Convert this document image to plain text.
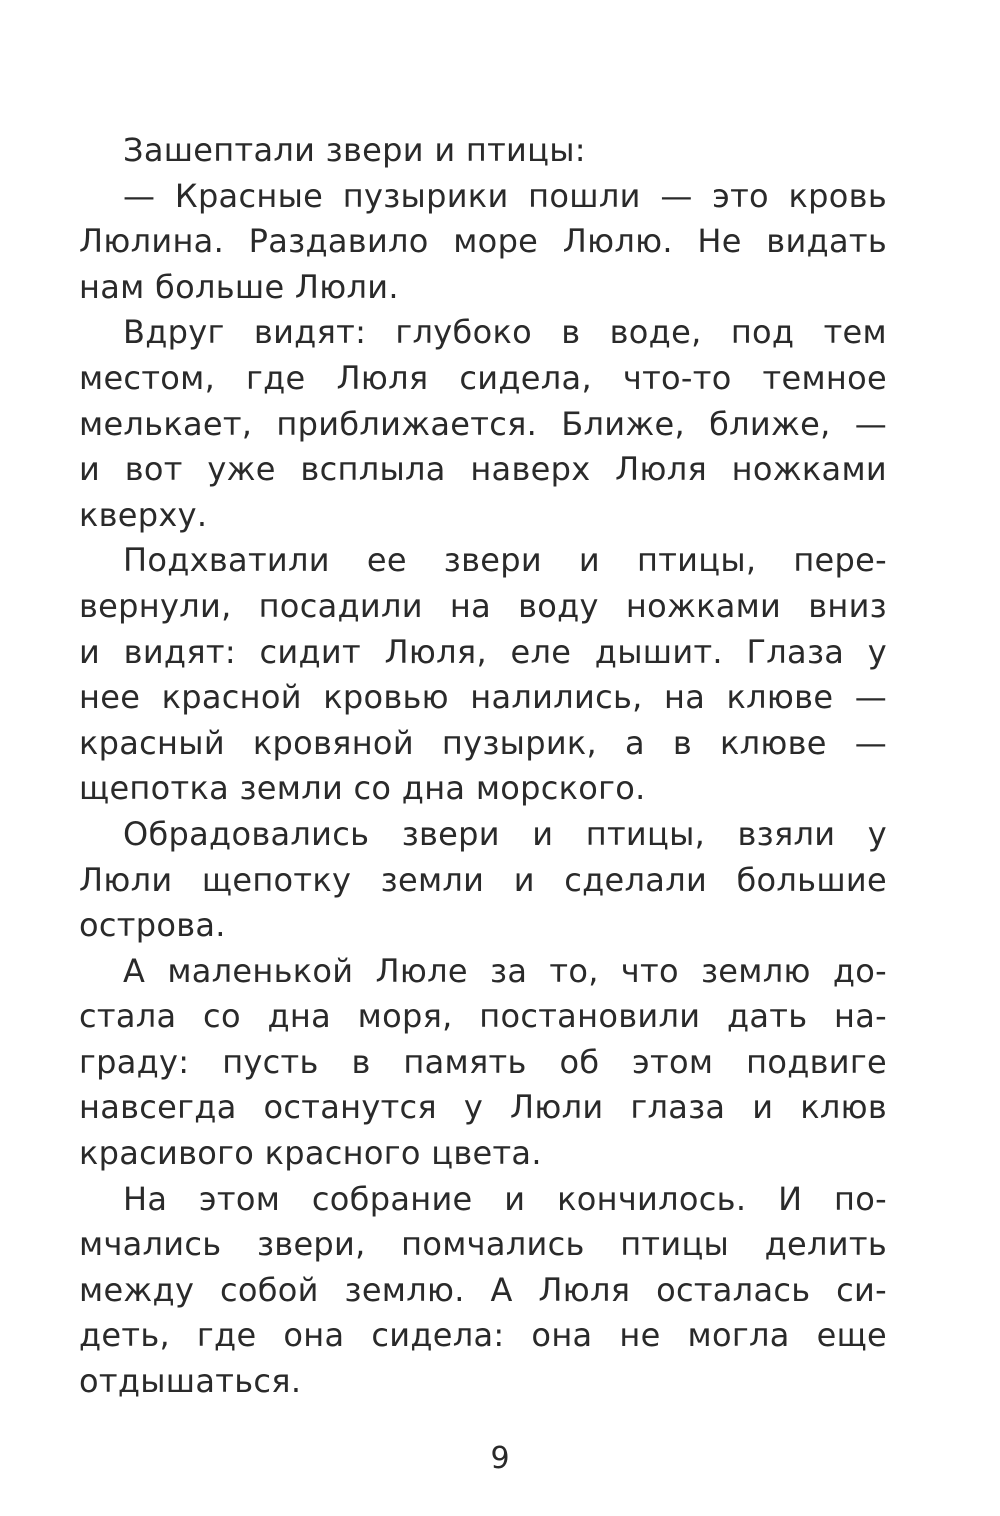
Зашептали звери и птицы:
— Красные пузырики пошли — это кровь
Люлина. Раздавило море Люлю. Не видать
нам больше Люли.
Вдруг видят: глубоко в воде, под тем
местом, где Люля сидела, что-то темное
мелькает, приближается. Ближе, ближе, —
и вот уже всплыла наверх Люля ножками
кверху.
Подхватили ее звери и птицы, пере-
вернули, посадили на воду ножками вниз
и видят: сидит Люля, еле дышит. Глаза у
нее красной кровью налились, на клюве —
красный кровяной пузырик, а в клюве —
щепотка земли со дна морского.
Обрадовались звери и птицы, взяли у
Люли щепотку земли и сделали большие
острова.
А маленькой Люле за то, что землю до-
стала со дна моря, постановили дать на-
граду: пусть в память об этом подвиге
навсегда останутся у Люли глаза и клюв
красивого красного цвета.
На этом собрание и кончилось. И по-
мчались звери, помчались птицы делить
между собой землю. А Люля осталась си-
деть, где она сидела: она не могла еще
отдышаться.
9
